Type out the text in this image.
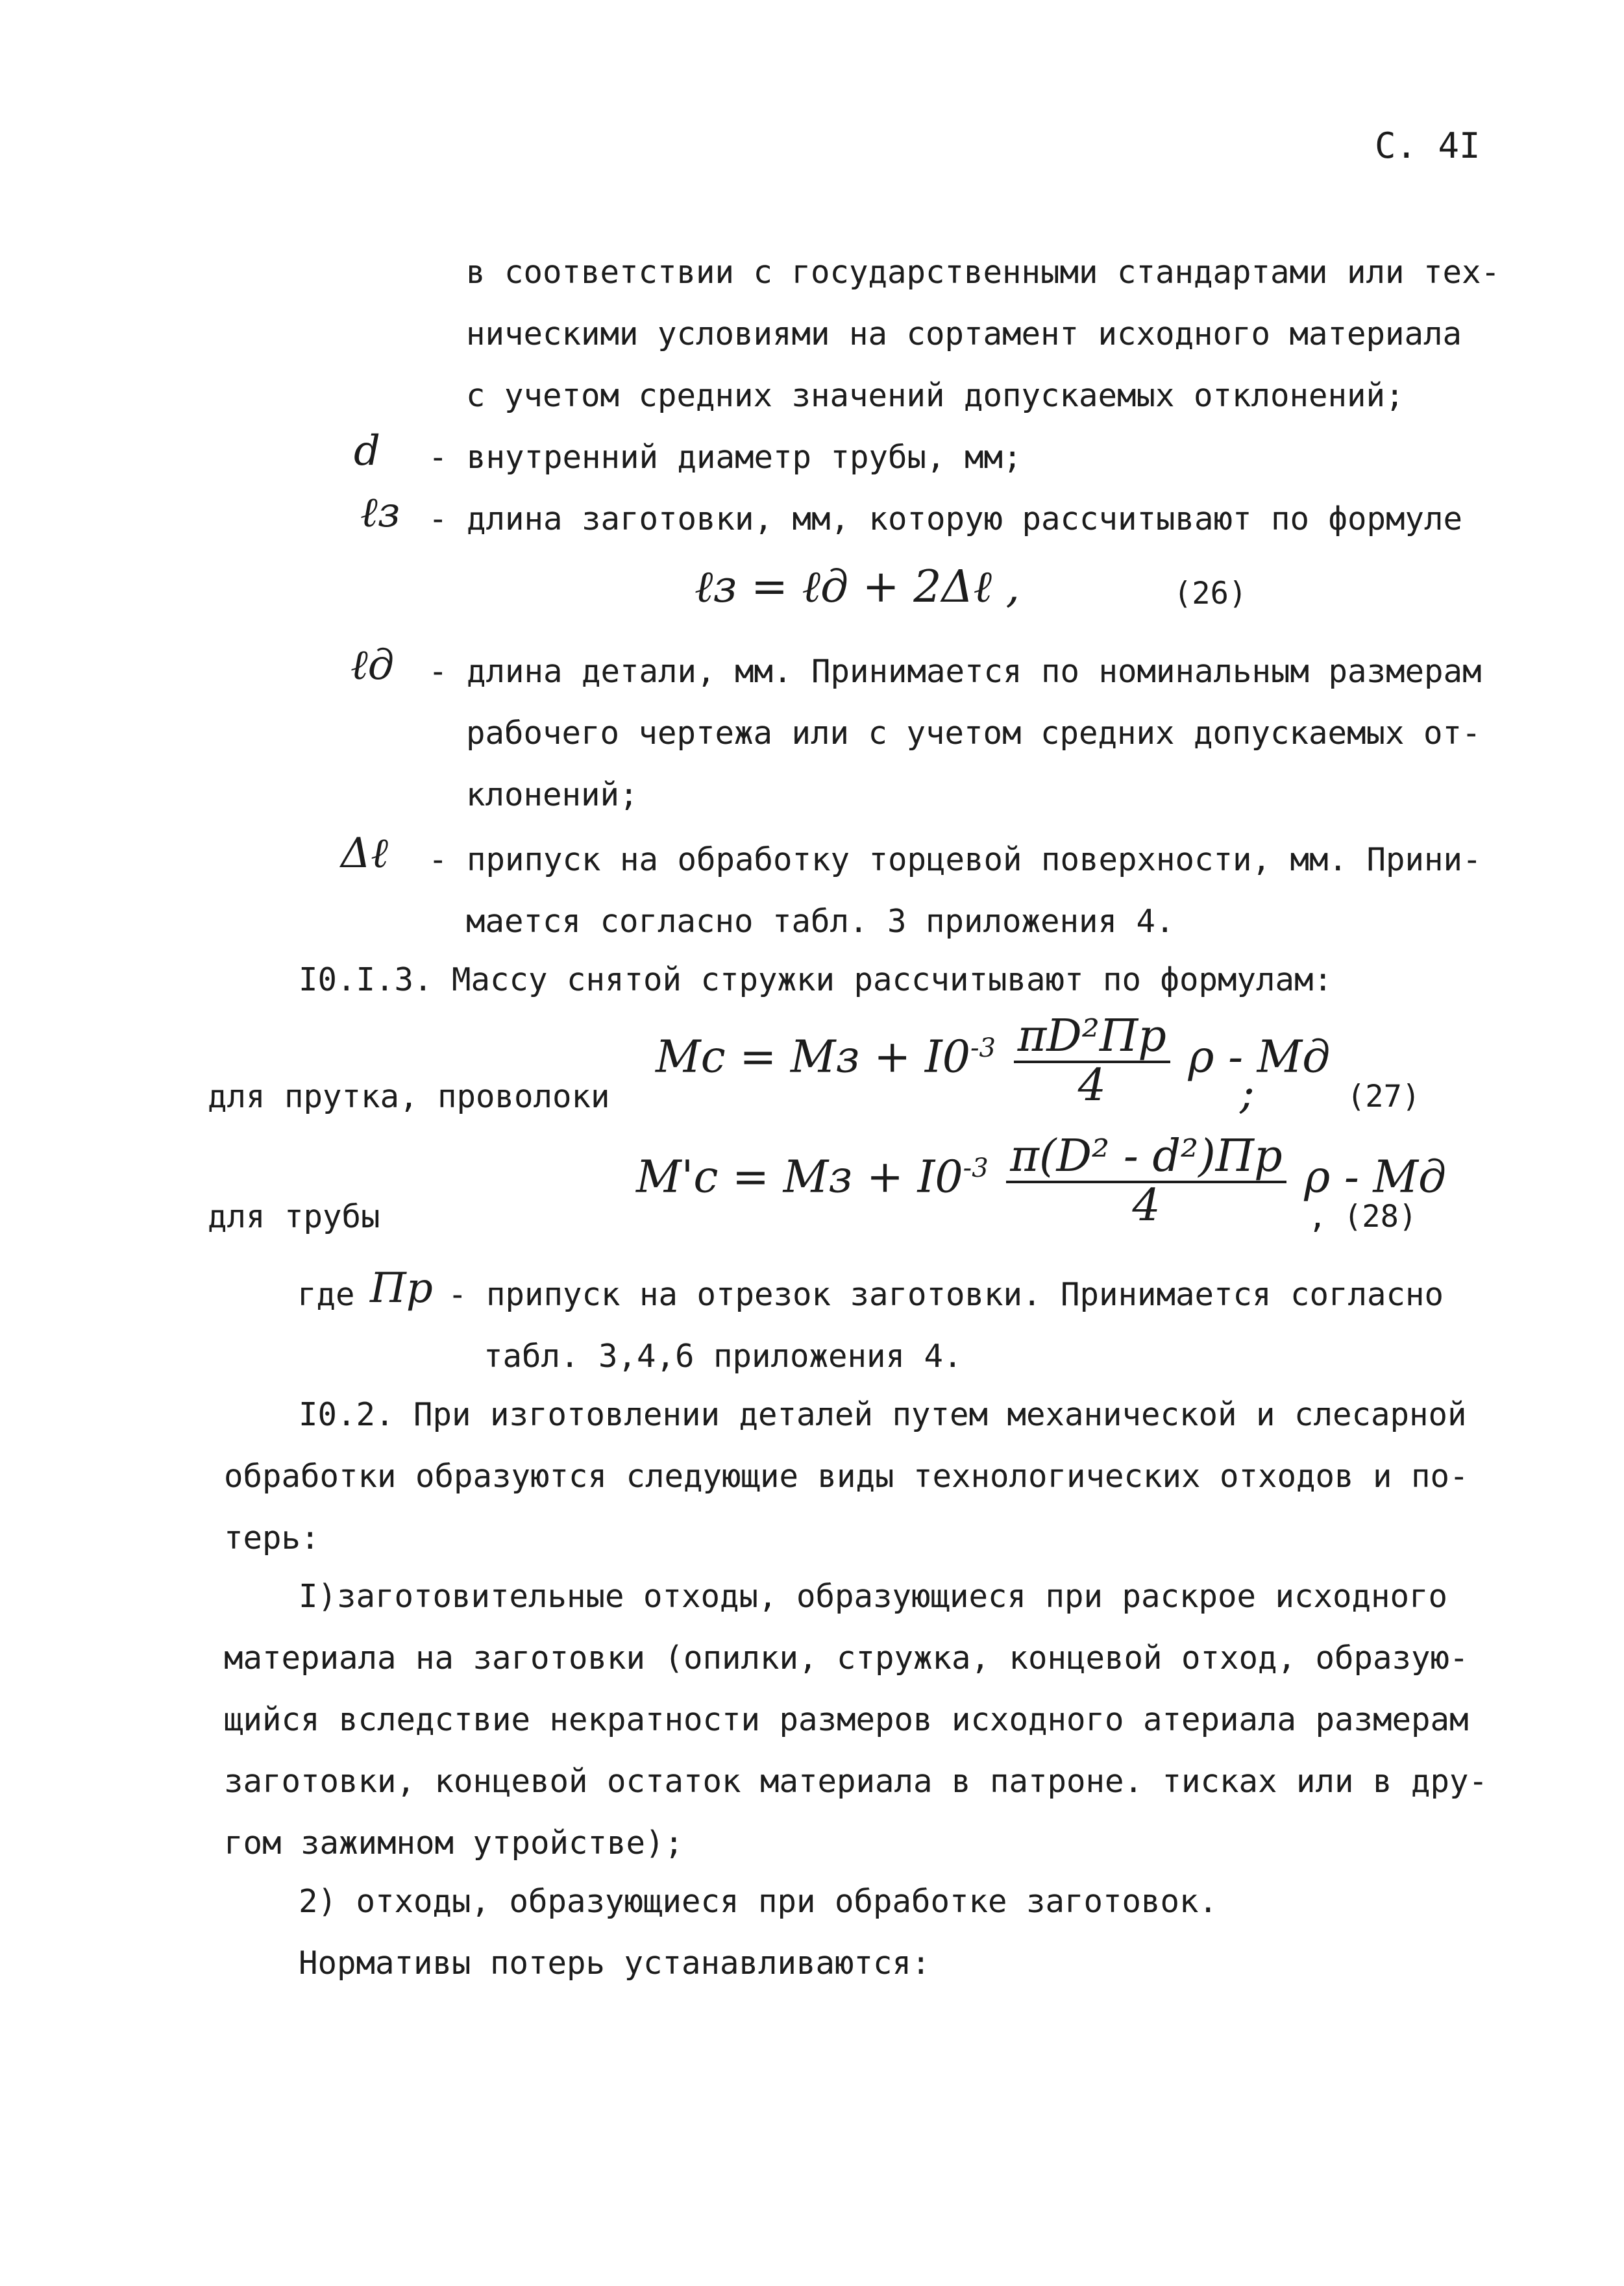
С. 4I
в соответствии с государственными стандартами или тех-
ническими условиями на сортамент исходного материала
с учетом средних значений допускаемых отклонений;
d - внутренний диаметр трубы, мм;
ℓз - длина заготовки, мм, которую рассчитывают по формуле
ℓз = ℓд + 2Δℓ ,	(26)
ℓд - длина детали, мм. Принимается по номинальным размерам
рабочего чертежа или с учетом средних допускаемых от-
клонений;
Δℓ - припуск на обработку торцевой поверхности, мм. Прини-
мается согласно табл. 3 приложения 4.
I0.I.3. Массу снятой стружки рассчитывают по формулам:
для прутка, проволоки
Мс = Мз + $I0^{-3} \frac{\text{πD²Пр}}{4}$ ρ - Мд
;	(27)
для трубы
М'с = Мз + $I0^{-3} \frac{\text{π(D² - d²)Пр}}{4}$ ρ - Мд
, (28)
где Пр - припуск на отрезок заготовки. Принимается согласно
табл. 3,4,6 приложения 4.
I0.2. При изготовлении деталей путем механической и слесарной
обработки образуются следующие виды технологических отходов и по-
терь:
I)заготовительные отходы, образующиеся при раскрое исходного
материала на заготовки (опилки, стружка, концевой отход, образую-
щийся вследствие некратности размеров исходного атериала размерам
заготовки, концевой остаток материала в патроне. тисках или в дру-
гом зажимном утройстве);
2) отходы, образующиеся при обработке заготовок.
Нормативы потерь устанавливаются:
